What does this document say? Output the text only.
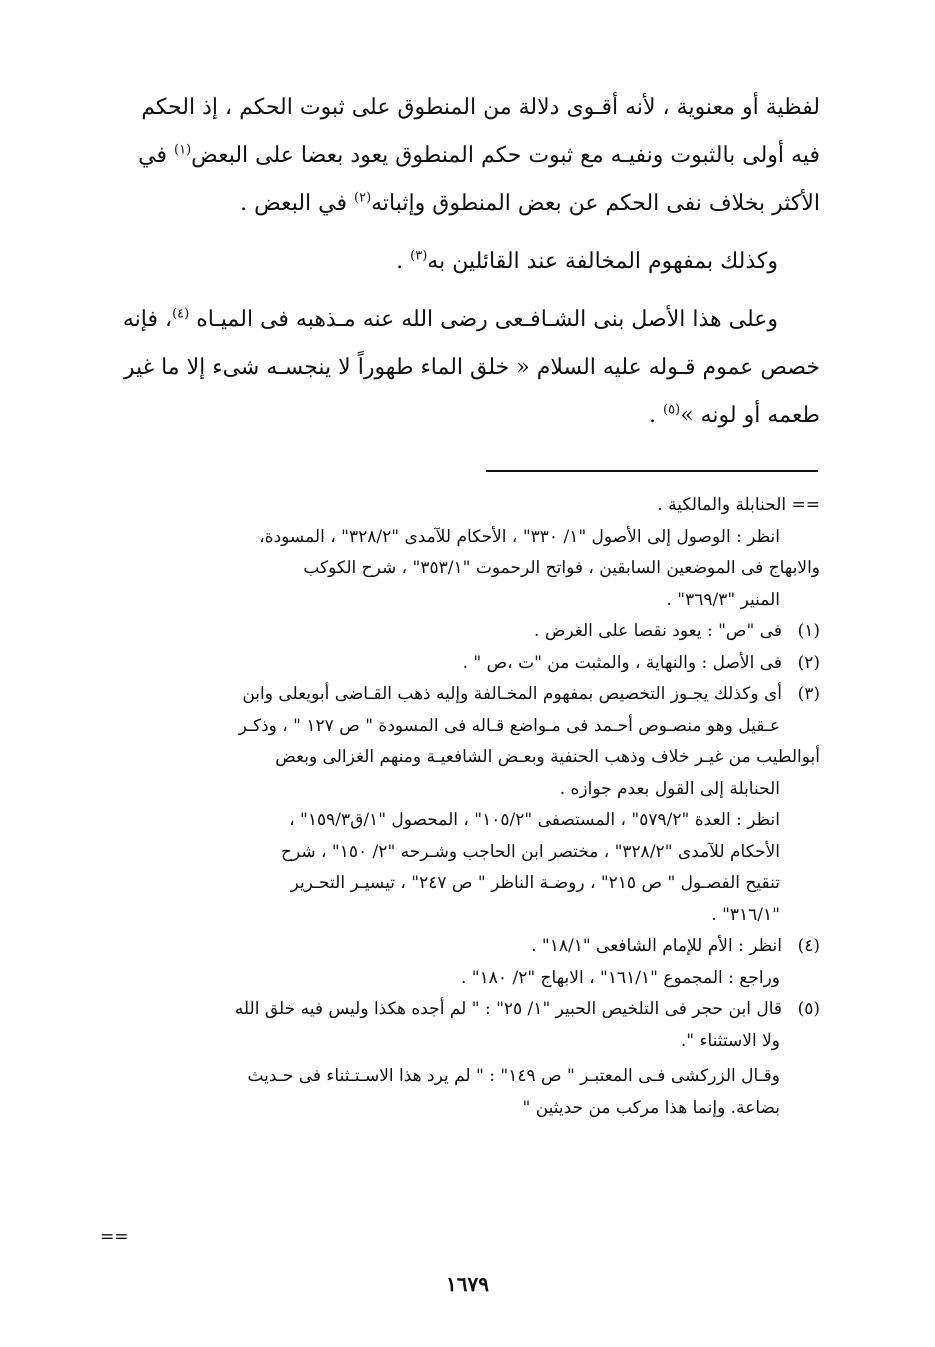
لفظية أو معنوية ، لأنه أقـوى دلالة من المنطوق على ثبوت الحكم ، إذ الحكم

فيه أولى بالثبوت ونفيـه مع ثبوت حكم المنطوق يعود بعضا على البعض$^{(١)}$ في

الأكثر بخلاف نفى الحكم عن بعض المنطوق وإثباته$^{(٢)}$ في البعض .

وكذلك بمفهوم المخالفة عند القائلين به$^{(٣)}$ .

وعلى هذا الأصل بنى الشـافـعى رضى الله عنه مـذهبه فى الميـاه $^{(٤)}$، فإنه

خصص عموم قـوله عليه السلام « خلق الماء طهوراً لا ينجسـه شىء إلا ما غير

طعمه أو لونه »$^{(٥)}$ .

== الحنابلة والمالكية .

انظر : الوصول إلى الأصول "١/ ٣٣٠" ، الأحكام للآمدى "٣٢٨/٢" ، المسودة،

والابهاج فى الموضعين السابقين ، فواتح الرحموت "٣٥٣/١" ، شرح الكوكب

المنير "٣٦٩/٣" .

(١)فى "ص" : يعود نقصا على الغرض .

(٢)فى الأصل : والنهاية ، والمثبت من "ت ،ص " .

(٣)أى وكذلك يجـوز التخصيص بمفهوم المخـالفة وإليه ذهب القـاضى أبويعلى وابن

عـقيل وهو منصـوص أحـمد فى مـواضع قـاله فى المسودة " ص ١٢٧ " ، وذكـر

أبوالطيب من غيـر خلاف وذهب الحنفية وبعـض الشافعيـة ومنهم الغزالى وبعض

الحنابلة إلى القول بعدم جوازه .

انظر : العدة "٥٧٩/٢" ، المستصفى "١٠٥/٢" ، المحصول "١/ق١٥٩/٣" ،

الأحكام للآمدى "٣٢٨/٢" ، مختصر ابن الحاجب وشـرحه "٢/ ١٥٠" ، شرح

تنقيح الفصـول " ص ٢١٥" ، روضـة الناظر " ص ٢٤٧" ، تيسيـر التحـرير

"٣١٦/١" .

(٤)انظر : الأم للإمام الشافعى "١٨/١" .

وراجع : المجموع "١٦١/١" ، الابهاج "٢/ ١٨٠" .

(٥)قال ابن حجر فى التلخيص الحبير "١/ ٢٥" : " لم أجده هكذا وليس فيه خلق الله

ولا الاستثناء ".

وقـال الزركشى فـى المعتبـر " ص ١٤٩" : " لم يرد هذا الاسـتـثناء فى حـديث

بضاعة. وإنما هذا مركب من حديثين "

==
١٦٧٩
